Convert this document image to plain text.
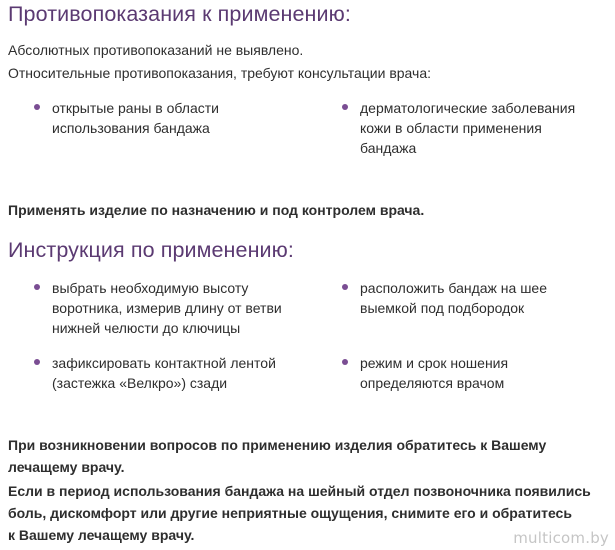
Противопоказания к применению:

Абсолютных противопоказаний не выявлено.

Относительные противопоказания, требуют консультации врача:

открытые раны в области
использования бандажа
дерматологические заболевания
кожи в области применения
бандажа

Применять изделие по назначению и под контролем врача.

Инструкция по применению:
выбрать необходимую высоту
воротника, измерив длину от ветви
нижней челюсти до ключицы
расположить бандаж на шее
выемкой под подбородок
зафиксировать контактной лентой
(застежка «Велкро») сзади
режим и срок ношения
определяются врачом

При возникновении вопросов по применению изделия обратитесь к Вашему

лечащему врачу.

Если в период использования бандажа на шейный отдел позвоночника появились

боль, дискомфорт или другие неприятные ощущения, снимите его и обратитесь

к Вашему лечащему врачу.	multicom.by
